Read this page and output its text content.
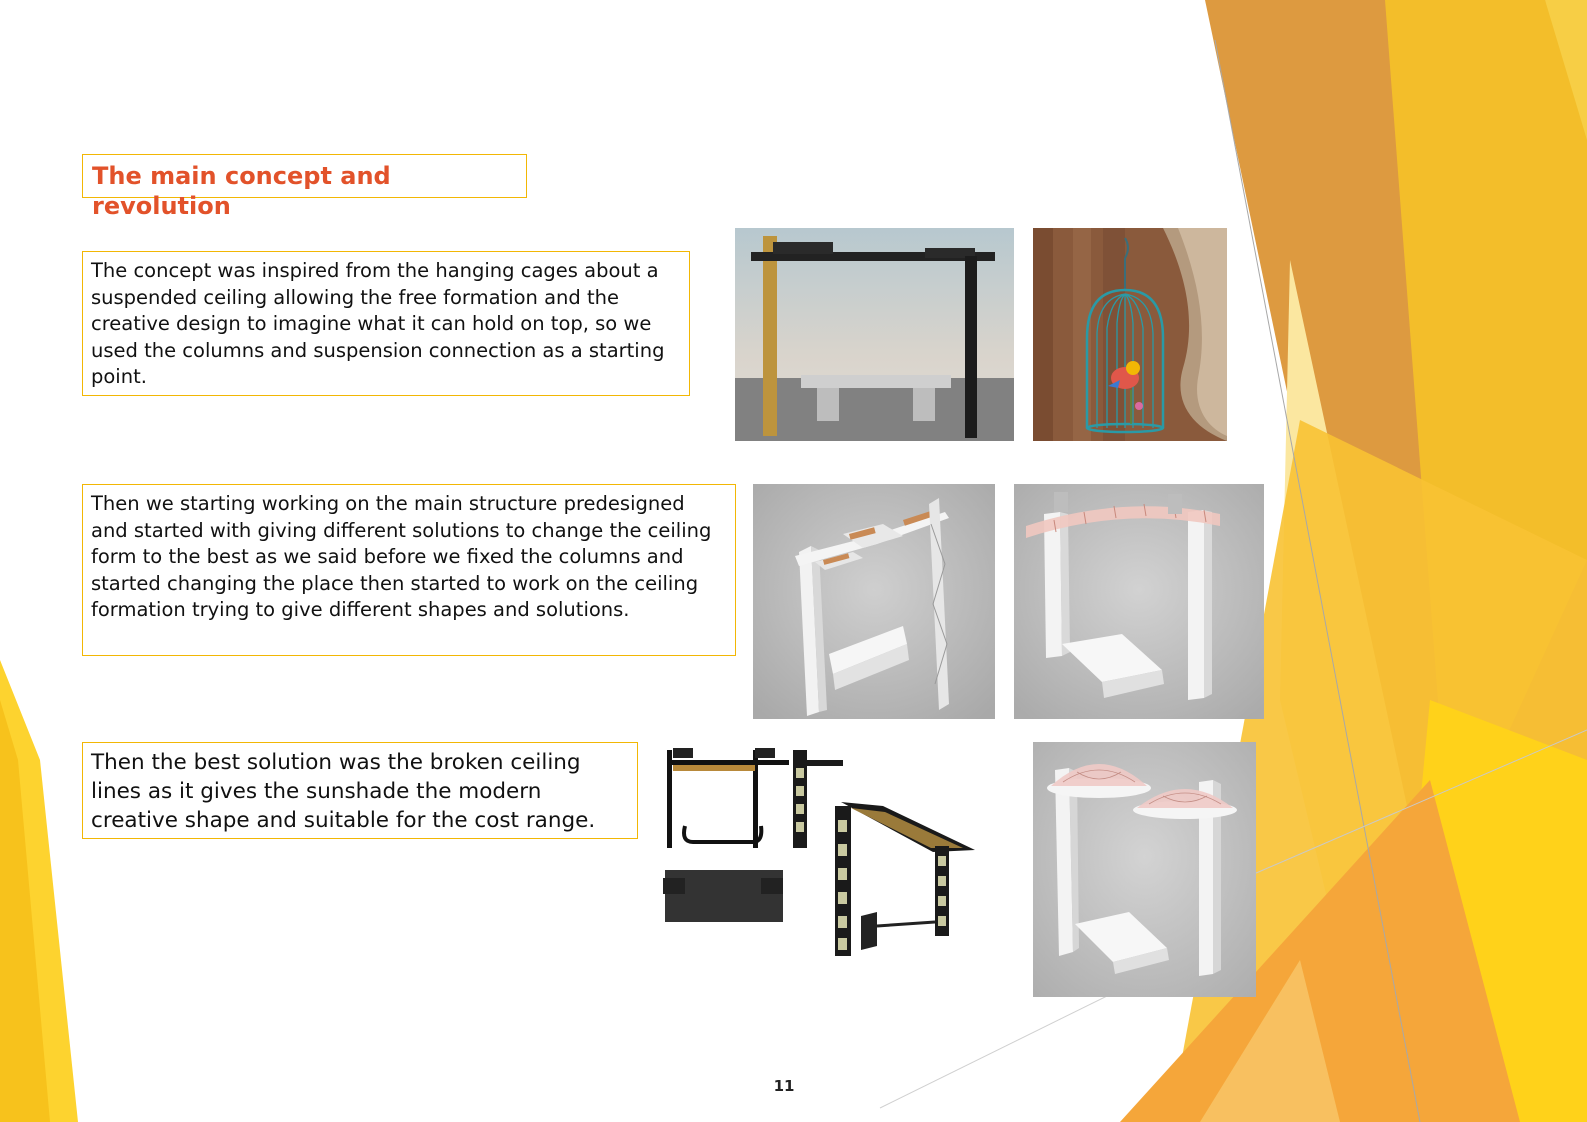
The main concept and revolution
The concept was inspired from the hanging cages about a suspended ceiling allowing the free formation and the creative design to imagine what it can hold on top, so we used the columns and suspension connection as a starting point.
Then we starting working on the main structure predesigned and started with giving different solutions to change the ceiling form to the best as we said before we fixed the columns and started changing the place then started to work on the ceiling formation trying to give different shapes and solutions.
Then the best solution was the broken ceiling lines as it gives the sunshade the modern creative shape and suitable for the cost range.
11
